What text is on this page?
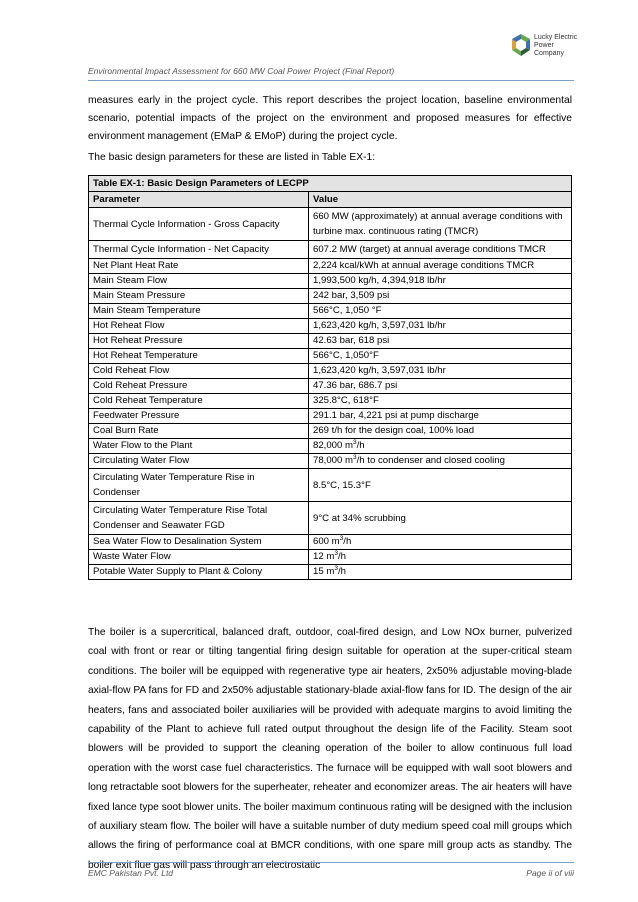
Environmental Impact Assessment for 660 MW Coal Power Project (Final Report)
Lucky Electric Power Company

measures early in the project cycle. This report describes the project location, baseline environmental scenario, potential impacts of the project on the environment and proposed measures for effective environment management (EMaP & EMoP) during the project cycle.

The basic design parameters for these are listed in Table EX-1:

Table EX-1: Basic Design Parameters of LECPP	
Parameter	Value
Thermal Cycle Information - Gross Capacity	660 MW (approximately) at annual average conditions with turbine max. continuous rating (TMCR)
Thermal Cycle Information - Net Capacity	607.2 MW (target) at annual average conditions TMCR
Net Plant Heat Rate	2,224 kcal/kWh at annual average conditions TMCR
Main Steam Flow	1,993,500 kg/h, 4,394,918 lb/hr
Main Steam Pressure	242 bar, 3,509 psi
Main Steam Temperature	566°C, 1,050 °F
Hot Reheat Flow	1,623,420 kg/h, 3,597,031 lb/hr
Hot Reheat Pressure	42.63 bar, 618 psi
Hot Reheat Temperature	566°C, 1,050°F
Cold Reheat Flow	1,623,420 kg/h, 3,597,031 lb/hr
Cold Reheat Pressure	47.36 bar, 686.7 psi
Cold Reheat Temperature	325.8°C, 618°F
Feedwater Pressure	291.1 bar, 4,221 psi at pump discharge
Coal Burn Rate	269 t/h for the design coal, 100% load
Water Flow to the Plant	82,000 $m^3/h$
Circulating Water Flow	78,000 $m^3/h$ to condenser and closed cooling
Circulating Water Temperature Rise in Condenser	8.5°C, 15.3°F
Circulating Water Temperature Rise Total Condenser and Seawater FGD	9°C at 34% scrubbing
Sea Water Flow to Desalination System	600 $m^3/h$
Waste Water Flow	12 $m^3/h$
Potable Water Supply to Plant & Colony	15 $m^3/h$

The boiler is a supercritical, balanced draft, outdoor, coal-fired design, and Low NOx burner, pulverized coal with front or rear or tilting tangential firing design suitable for operation at the super-critical steam conditions. The boiler will be equipped with regenerative type air heaters, 2x50% adjustable moving-blade axial-flow PA fans for FD and 2x50% adjustable stationary-blade axial-flow fans for ID. The design of the air heaters, fans and associated boiler auxiliaries will be provided with adequate margins to avoid limiting the capability of the Plant to achieve full rated output throughout the design life of the Facility. Steam soot blowers will be provided to support the cleaning operation of the boiler to allow continuous full load operation with the worst case fuel characteristics. The furnace will be equipped with wall soot blowers and long retractable soot blowers for the superheater, reheater and economizer areas. The air heaters will have fixed lance type soot blower units. The boiler maximum continuous rating will be designed with the inclusion of auxiliary steam flow. The boiler will have a suitable number of duty medium speed coal mill groups which allows the firing of performance coal at BMCR conditions, with one spare mill group acts as standby. The boiler exit flue gas will pass through an electrostatic

EMC Pakistan Pvt. Ltd	Page ii of viii
